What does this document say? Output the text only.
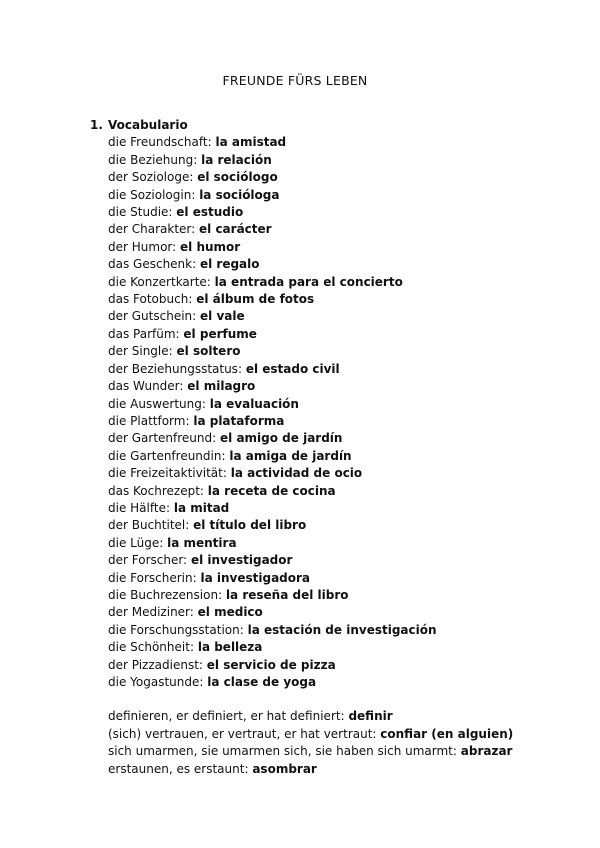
FREUNDE FÜRS LEBEN
1. Vocabulario
die Freundschaft: la amistad
die Beziehung: la relación
der Soziologe: el sociólogo
die Soziologin: la socióloga
die Studie: el estudio
der Charakter: el carácter
der Humor: el humor
das Geschenk: el regalo
die Konzertkarte: la entrada para el concierto
das Fotobuch: el álbum de fotos
der Gutschein: el vale
das Parfüm: el perfume
der Single: el soltero
der Beziehungsstatus: el estado civil
das Wunder: el milagro
die Auswertung: la evaluación
die Plattform: la plataforma
der Gartenfreund: el amigo de jardín
die Gartenfreundin: la amiga de jardín
die Freizeitaktivität: la actividad de ocio
das Kochrezept: la receta de cocina
die Hälfte: la mitad
der Buchtitel: el título del libro
die Lüge: la mentira
der Forscher: el investigador
die Forscherin: la investigadora
die Buchrezension: la reseña del libro
der Mediziner: el medico
die Forschungsstation: la estación de investigación
die Schönheit: la belleza
der Pizzadienst: el servicio de pizza
die Yogastunde: la clase de yoga
definieren, er definiert, er hat definiert: definir
(sich) vertrauen, er vertraut, er hat vertraut: confiar (en alguien)
sich umarmen, sie umarmen sich, sie haben sich umarmt: abrazar
erstaunen, es erstaunt: asombrar
